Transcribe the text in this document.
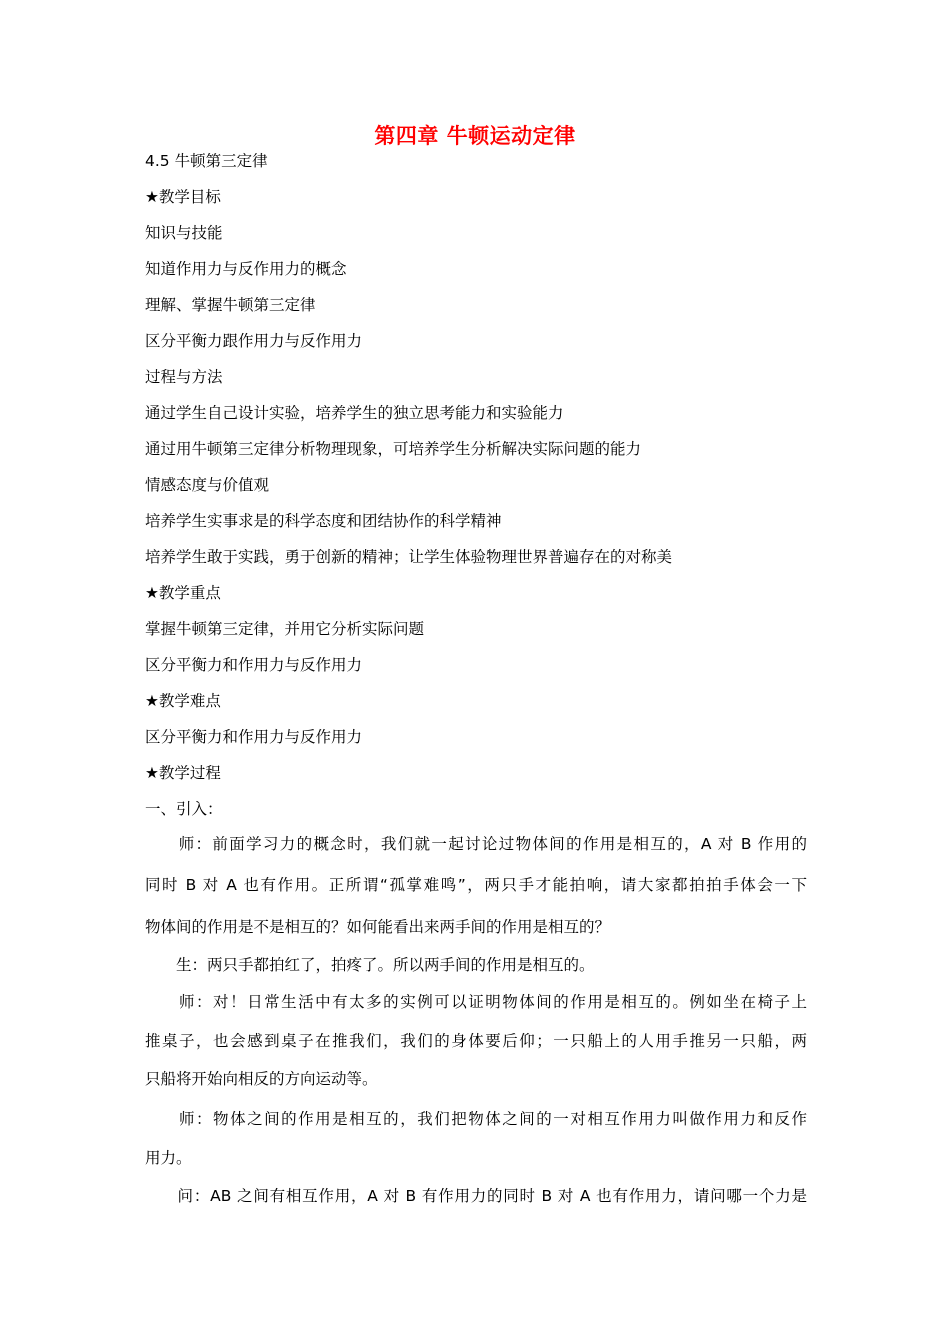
第四章 牛顿运动定律
4.5 牛顿第三定律
★教学目标
知识与技能
知道作用力与反作用力的概念
理解、掌握牛顿第三定律
区分平衡力跟作用力与反作用力
过程与方法
通过学生自己设计实验，培养学生的独立思考能力和实验能力
通过用牛顿第三定律分析物理现象，可培养学生分析解决实际问题的能力
情感态度与价值观
培养学生实事求是的科学态度和团结协作的科学精神
培养学生敢于实践，勇于创新的精神；让学生体验物理世界普遍存在的对称美
★教学重点
掌握牛顿第三定律，并用它分析实际问题
区分平衡力和作用力与反作用力
★教学难点
区分平衡力和作用力与反作用力
★教学过程
一、引入：
　　师：前面学习力的概念时，我们就一起讨论过物体间的作用是相互的，A 对 B 作用的
同时 B 对 A 也有作用。正所谓“孤掌难鸣”，两只手才能拍响，请大家都拍拍手体会一下
物体间的作用是不是相互的？如何能看出来两手间的作用是相互的？
　　生：两只手都拍红了，拍疼了。所以两手间的作用是相互的。
　　师：对！日常生活中有太多的实例可以证明物体间的作用是相互的。例如坐在椅子上
推桌子，也会感到桌子在推我们，我们的身体要后仰；一只船上的人用手推另一只船，两
只船将开始向相反的方向运动等。
　　师：物体之间的作用是相互的，我们把物体之间的一对相互作用力叫做作用力和反作
用力。
　　问：AB 之间有相互作用，A 对 B 有作用力的同时 B 对 A 也有作用力，请问哪一个力是
